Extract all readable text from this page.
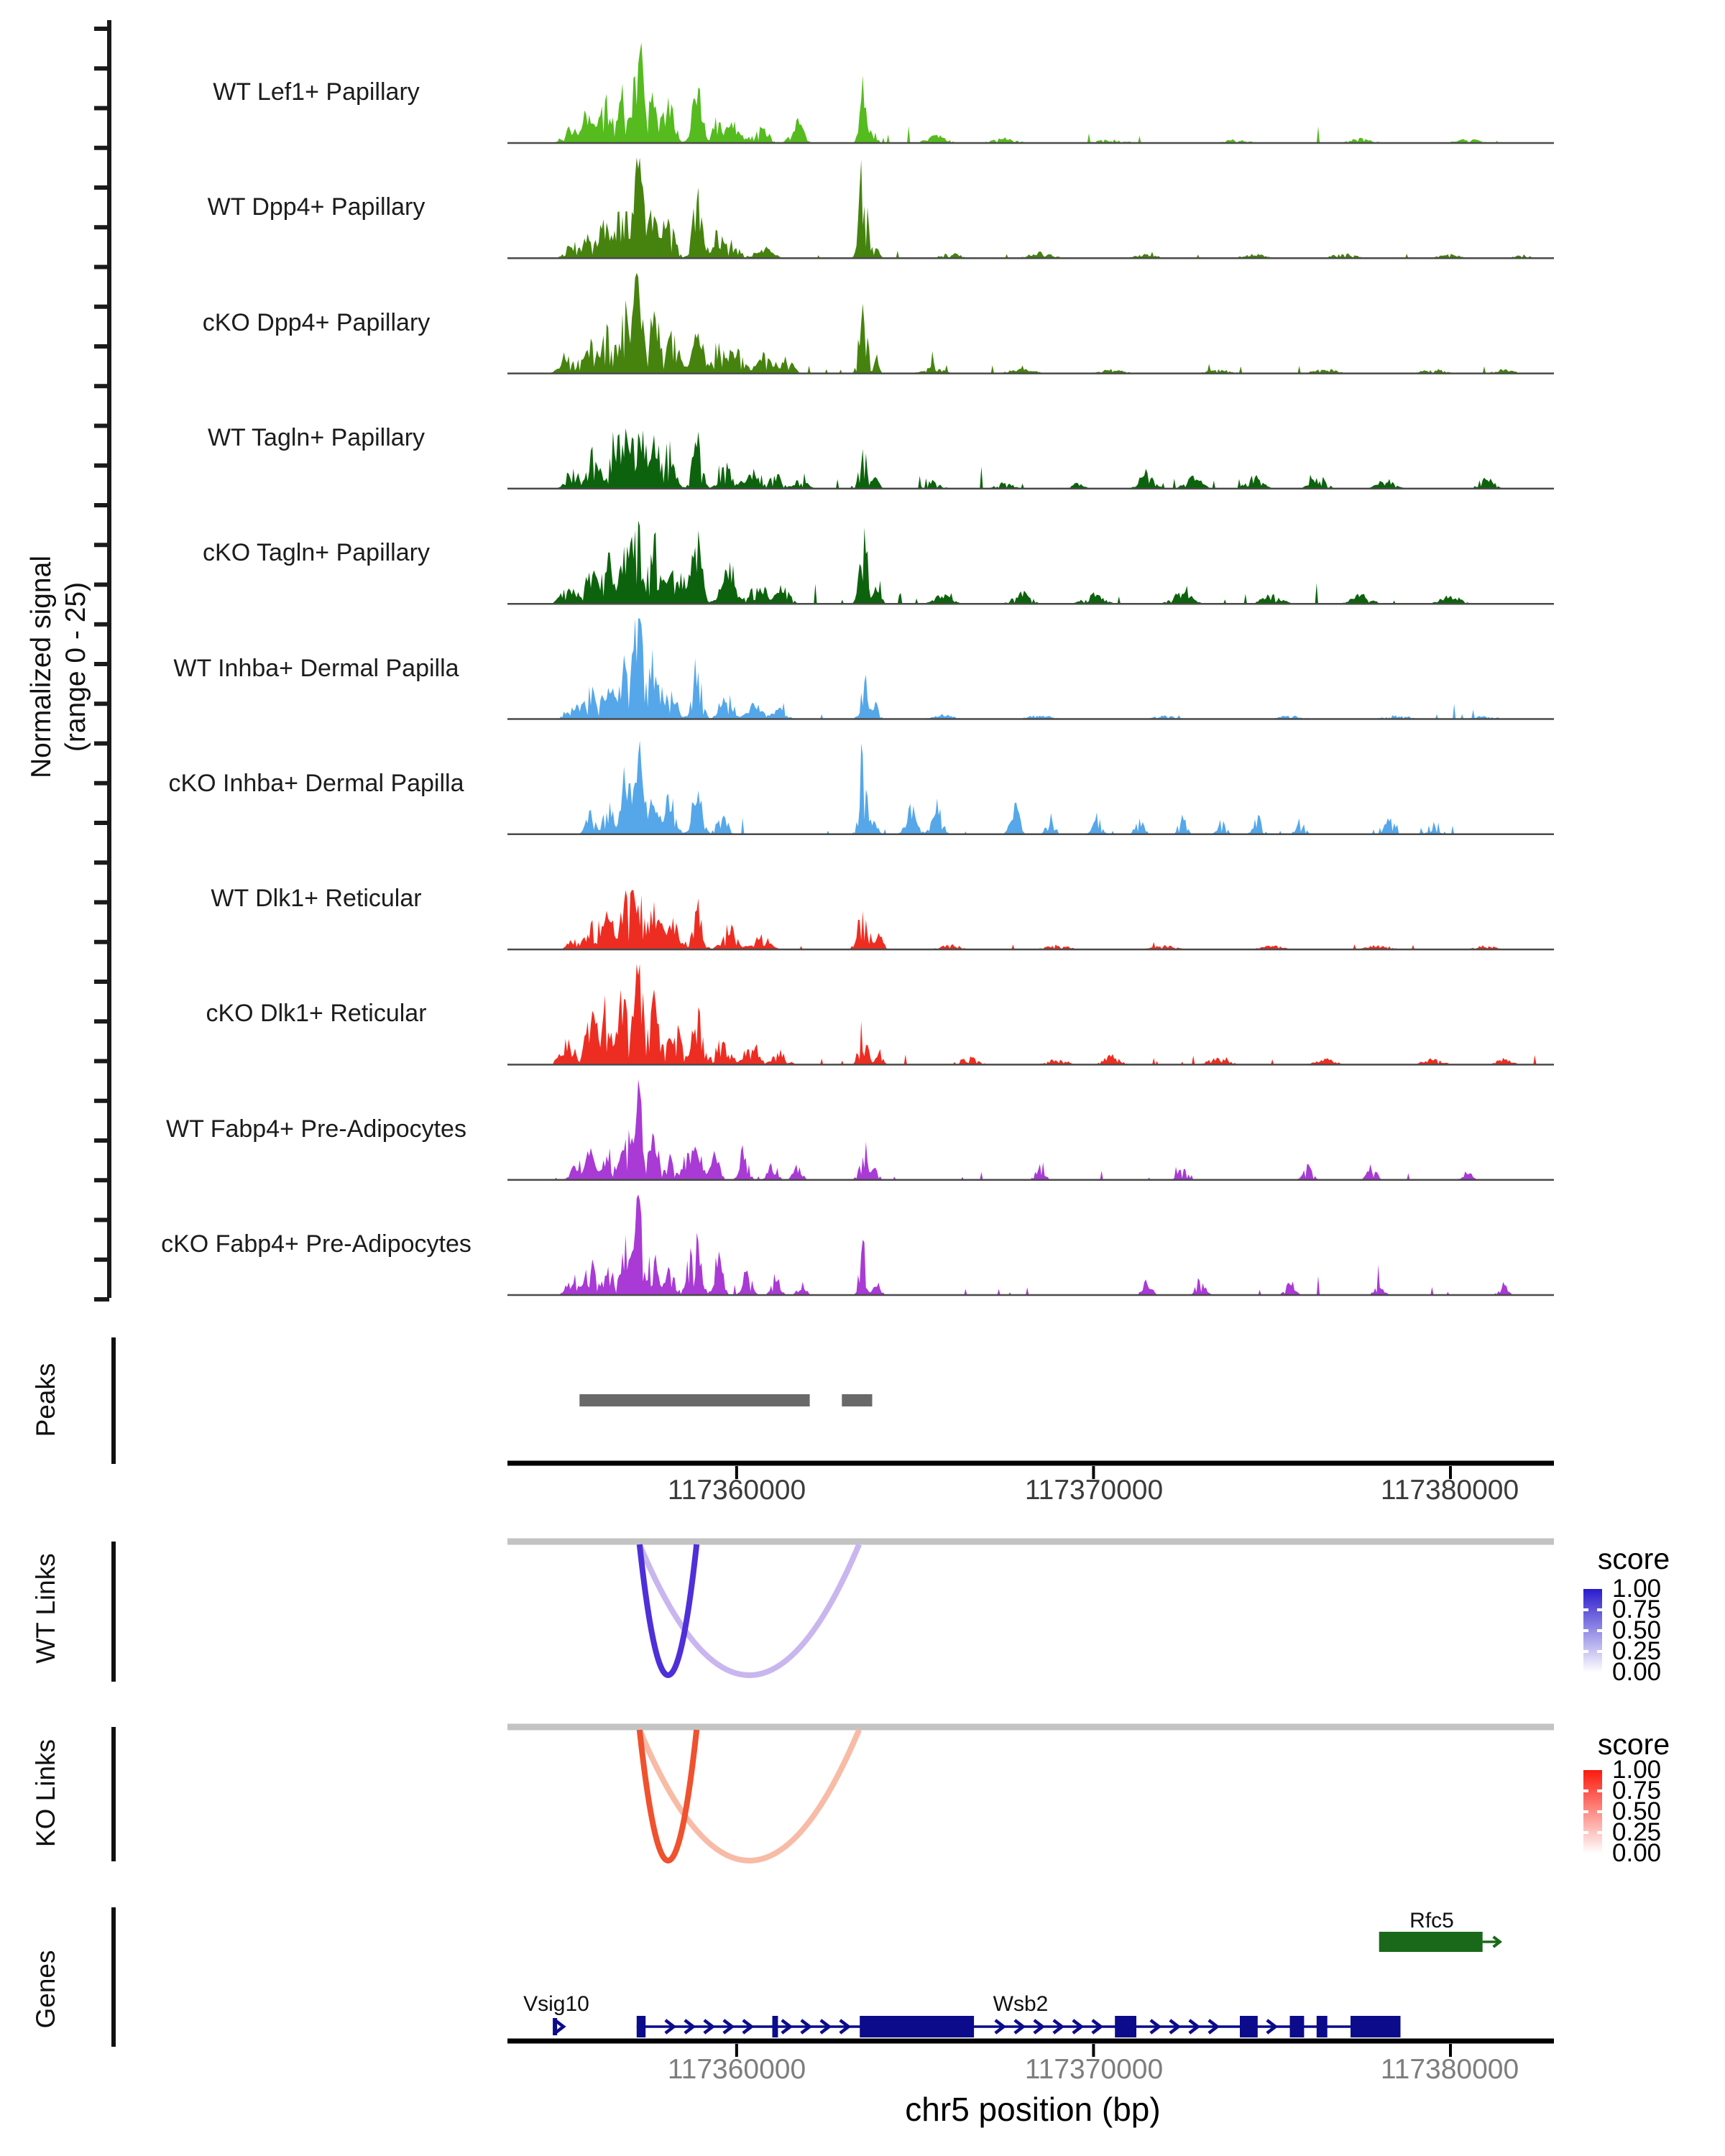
Normalized signal (range 0 - 25)
WT Lef1+ Papillary
WT Dpp4+ Papillary
cKO Dpp4+ Papillary
WT Tagln+ Papillary
cKO Tagln+ Papillary
WT Inhba+ Dermal Papilla
cKO Inhba+ Dermal Papilla
WT Dlk1+ Reticular
cKO Dlk1+ Reticular
WT Fabp4+ Pre-Adipocytes
cKO Fabp4+ Pre-Adipocytes
Peaks
WT Links
KO Links
Genes
117360000	117370000	117380000
score
1.00
0.75
0.50
0.25
0.00
score
1.00
0.75
0.50
0.25
0.00
Rfc5
Vsig10	Wsb2
117360000	117370000	117380000
chr5 position (bp)
